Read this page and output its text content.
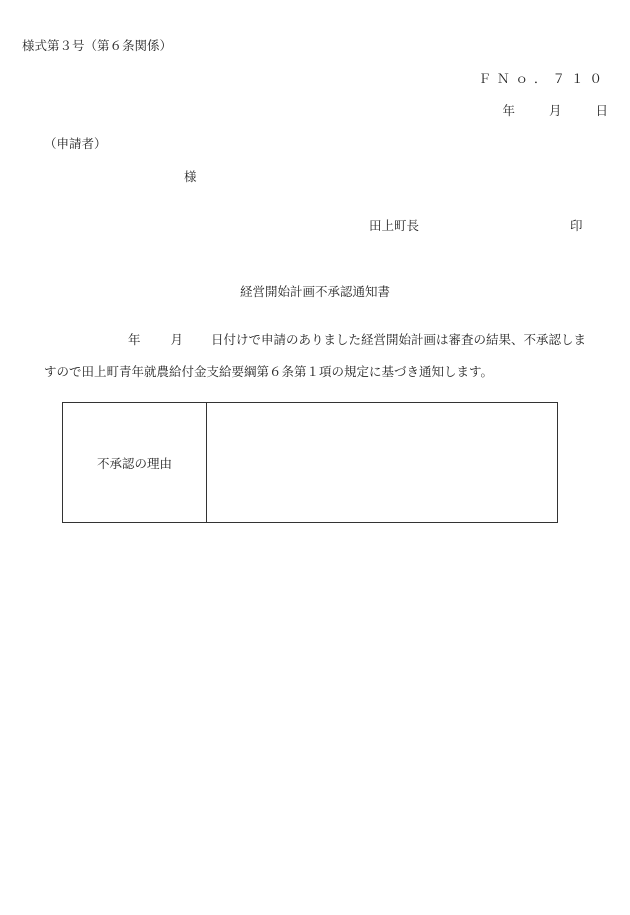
様式第３号（第６条関係）
ＦＮｏ．７１０
年	月	日
（申請者）
様
田上町長	印
経営開始計画不承認通知書
年 月 日付けで申請のありました経営開始計画は審査の結果、不承認しま
すので田上町青年就農給付金支給要綱第６条第１項の規定に基づき通知します。
不承認の理由	
